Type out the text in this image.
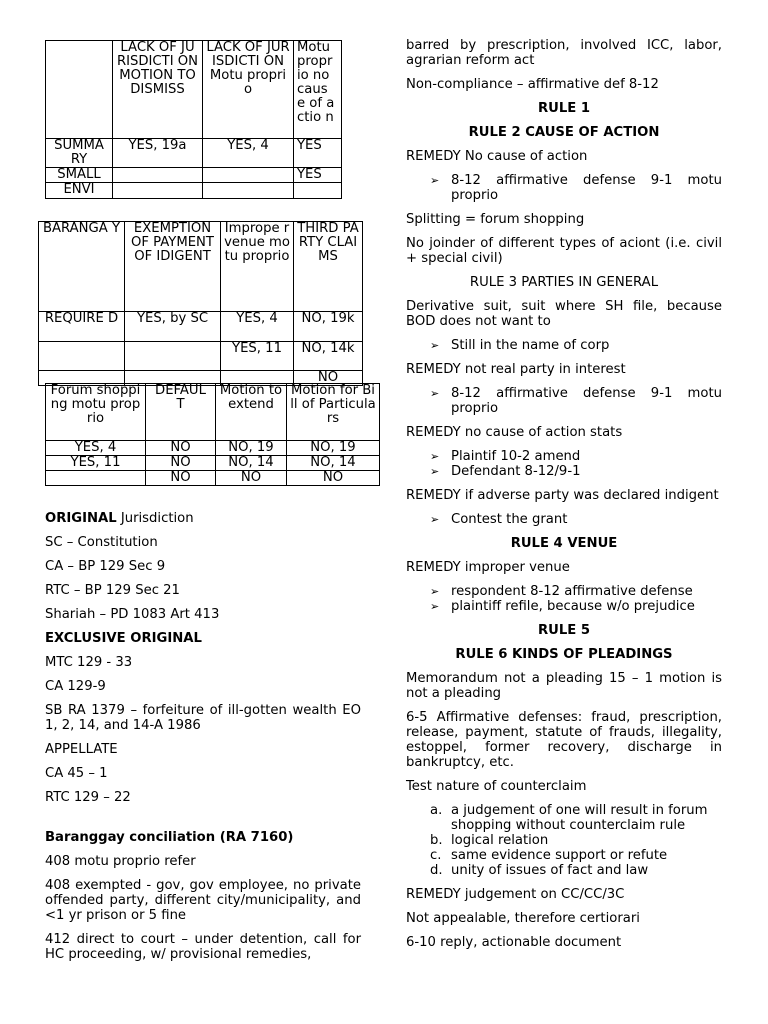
	LACK OF JURISDICTI ON MOTION TO DISMISS	LACK OF JURISDICTI ON Motu proprio	Motu propr io no caus e of actio n
SUMMA RY	YES, 19a	YES, 4	YES
SMALL			YES
ENVI			
BARANGA Y	EXEMPTION OF PAYMENT OF IDIGENT	Imprope r venue motu proprio	THIRD PARTY CLAIMS
REQUIRE D	YES, by SC	YES, 4	NO, 19k
		YES, 11	NO, 14k
			NO
Forum shopping motu proprio	DEFAUL T	Motion to extend	Motion for Bill of Particulars
YES, 4	NO	NO, 19	NO, 19
YES, 11	NO	NO, 14	NO, 14
	NO	NO	NO

ORIGINAL Jurisdiction

SC – Constitution

CA – BP 129 Sec 9

RTC – BP 129 Sec 21

Shariah – PD 1083 Art 413

EXCLUSIVE ORIGINAL

MTC 129 - 33

CA 129-9

SB RA 1379 – forfeiture of ill-gotten wealth EO 1, 2, 14, and 14-A 1986

APPELLATE

CA 45 – 1

RTC 129 – 22

Baranggay conciliation (RA 7160)

408 motu proprio refer

408 exempted - gov, gov employee, no private offended party, different city/municipality, and <1 yr prison or 5 fine

412 direct to court – under detention, call for HC proceeding, w/ provisional remedies,

barred by prescription, involved ICC, labor, agrarian reform act

Non-compliance – affirmative def 8-12

RULE 1

RULE 2 CAUSE OF ACTION

REMEDY No cause of action

➢ 8-12 affirmative defense 9-1 motu proprio

Splitting = forum shopping

No joinder of different types of aciont (i.e. civil + special civil)

RULE 3 PARTIES IN GENERAL

Derivative suit, suit where SH file, because BOD does not want to

➢ Still in the name of corp

REMEDY not real party in interest

➢ 8-12 affirmative defense 9-1 motu proprio

REMEDY no cause of action stats

➢ Plaintif 10-2 amend
➢ Defendant 8-12/9-1

REMEDY if adverse party was declared indigent

➢ Contest the grant

RULE 4 VENUE

REMEDY improper venue

➢ respondent 8-12 affirmative defense
➢ plaintiff refile, because w/o prejudice

RULE 5

RULE 6 KINDS OF PLEADINGS

Memorandum not a pleading 15 – 1 motion is not a pleading

6-5 Affirmative defenses: fraud, prescription, release, payment, statute of frauds, illegality, estoppel, former recovery, discharge in bankruptcy, etc.

Test nature of counterclaim

a. a judgement of one will result in forum shopping without counterclaim rule
b. logical relation
c. same evidence support or refute
d. unity of issues of fact and law

REMEDY judgement on CC/CC/3C

Not appealable, therefore certiorari

6-10 reply, actionable document
